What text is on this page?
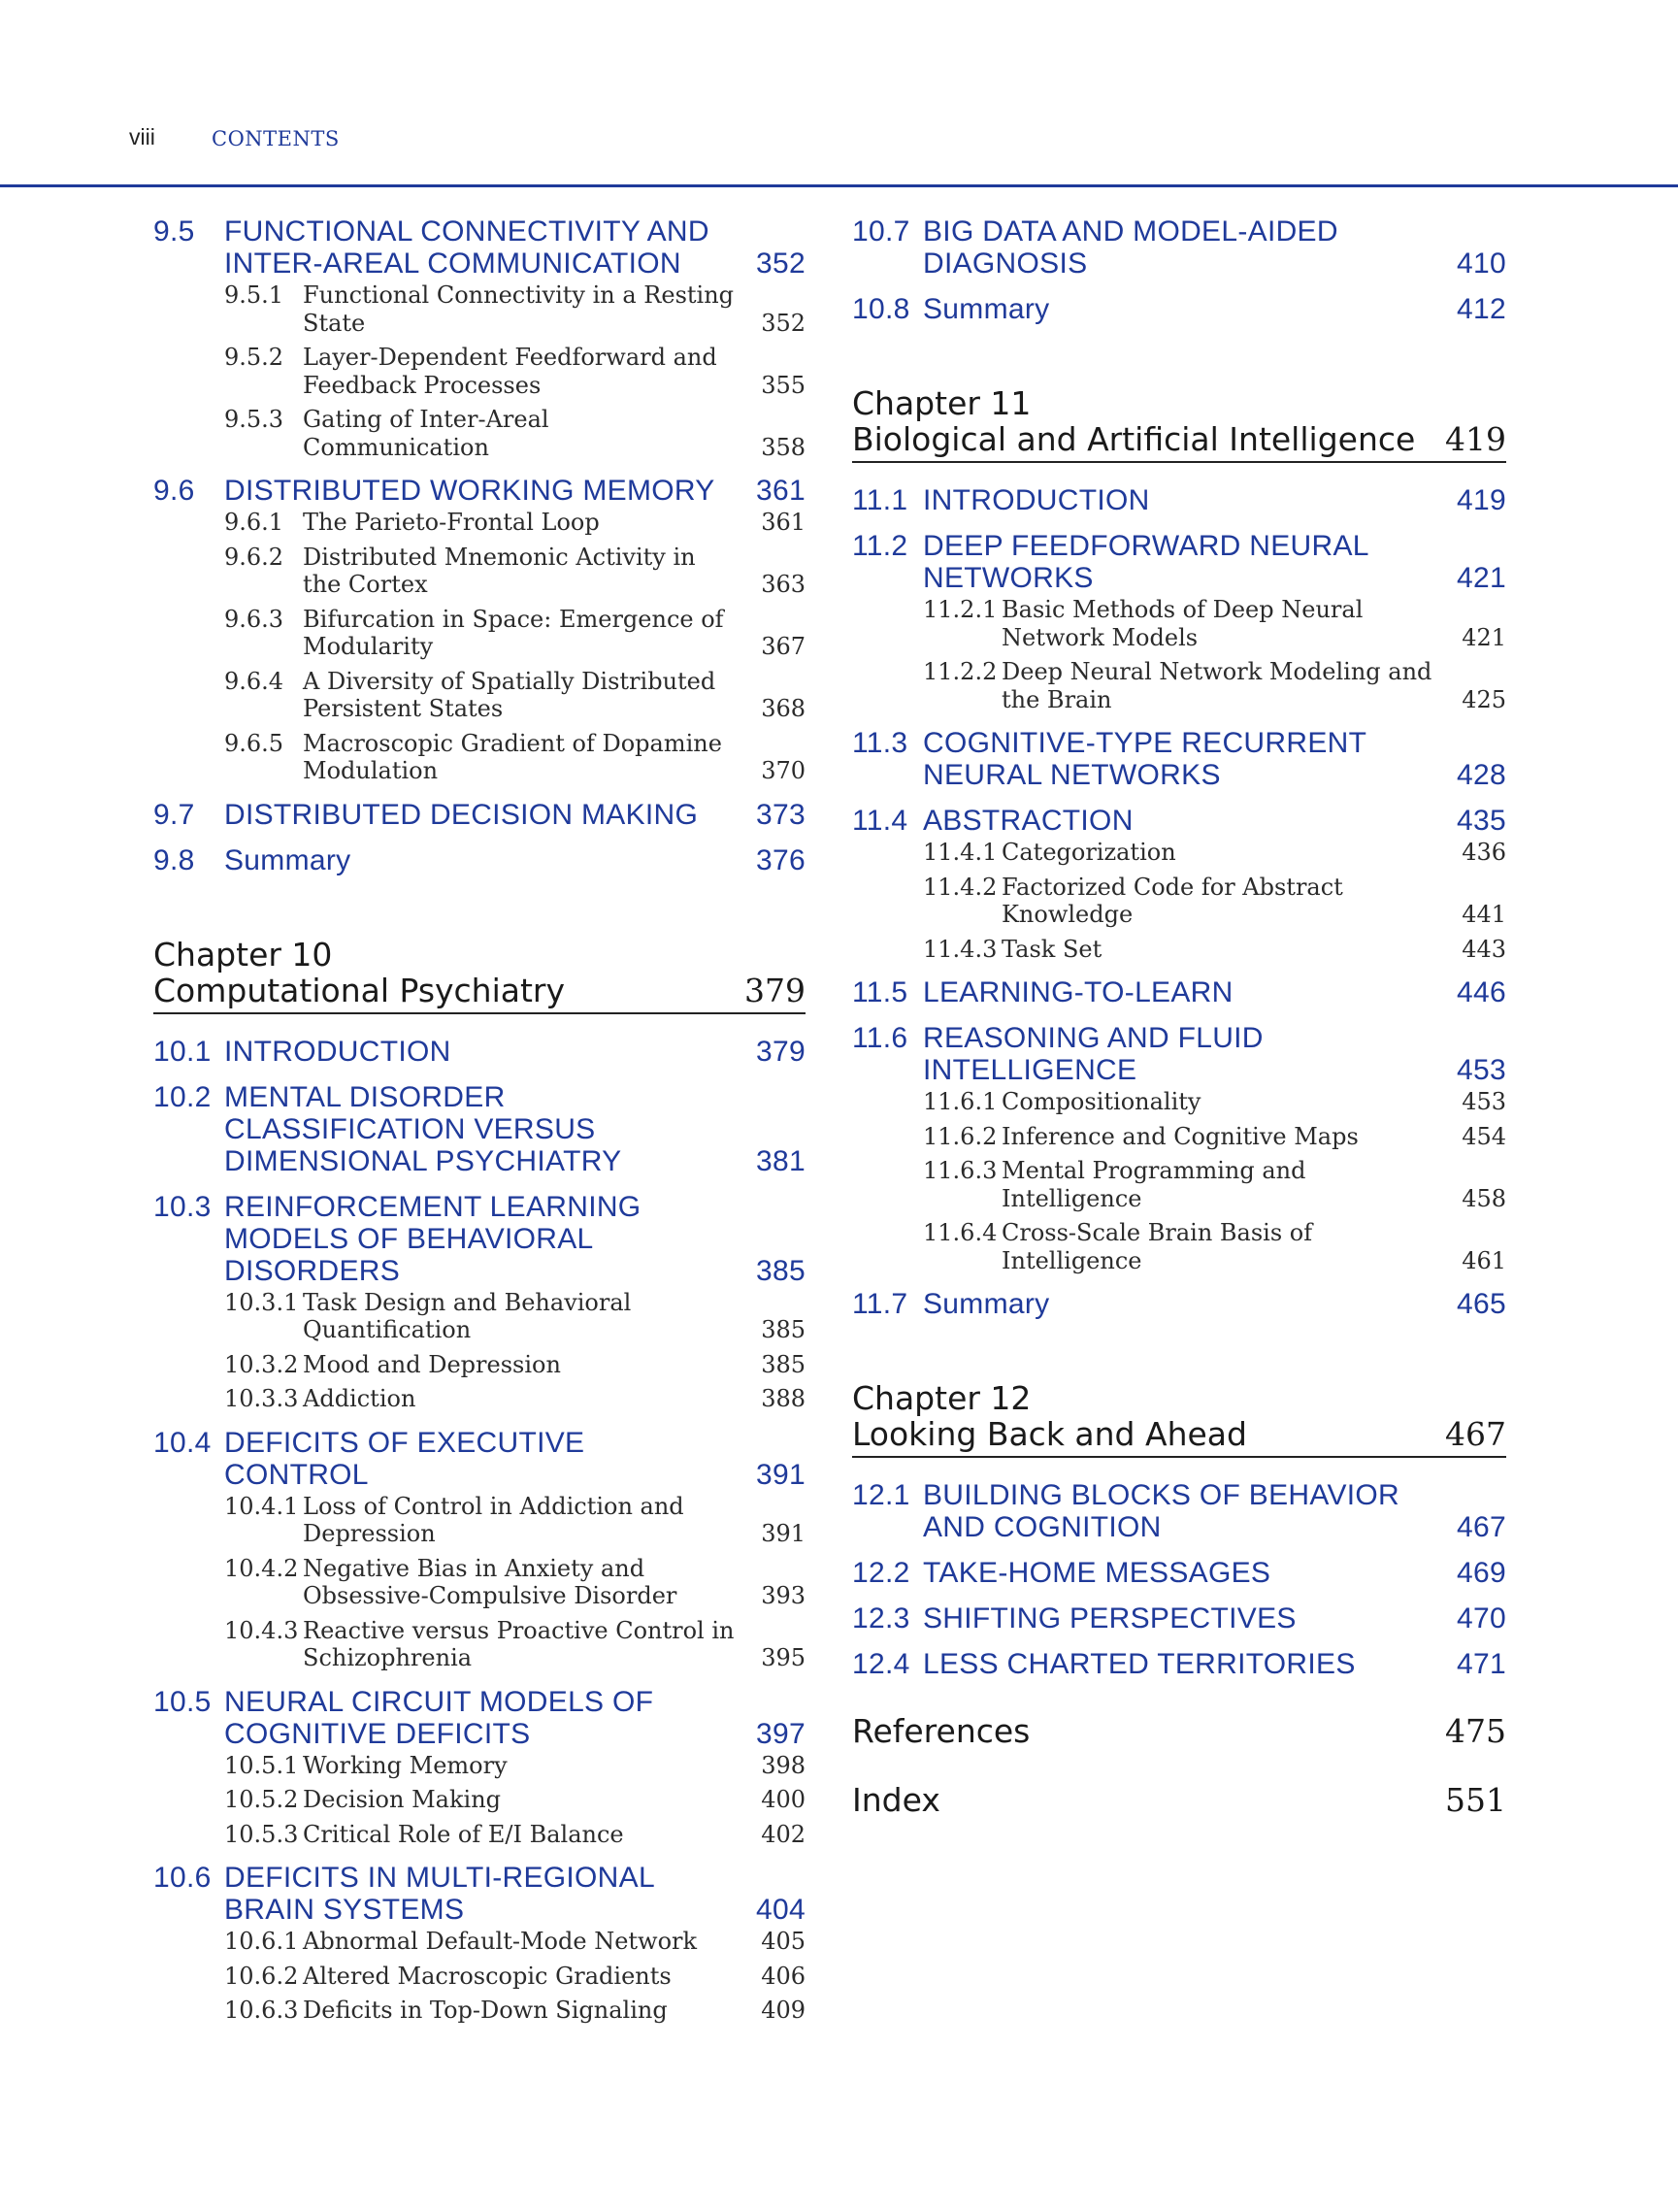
viii	CONTENTS
9.5 FUNCTIONAL CONNECTIVITY AND INTER-AREAL COMMUNICATION	352
9.5.1 Functional Connectivity in a Resting State	352
9.5.2 Layer-Dependent Feedforward and Feedback Processes	355
9.5.3 Gating of Inter-Areal Communication	358
9.6 DISTRIBUTED WORKING MEMORY	361
9.6.1 The Parieto-Frontal Loop	361
9.6.2 Distributed Mnemonic Activity in the Cortex	363
9.6.3 Bifurcation in Space: Emergence of Modularity	367
9.6.4 A Diversity of Spatially Distributed Persistent States	368
9.6.5 Macroscopic Gradient of Dopamine Modulation	370
9.7 DISTRIBUTED DECISION MAKING	373
9.8 Summary	376
Chapter 10
Computational Psychiatry	379
10.1 INTRODUCTION	379
10.2 MENTAL DISORDER CLASSIFICATION VERSUS DIMENSIONAL PSYCHIATRY	381
10.3 REINFORCEMENT LEARNING MODELS OF BEHAVIORAL DISORDERS	385
10.3.1 Task Design and Behavioral Quantification	385
10.3.2 Mood and Depression	385
10.3.3 Addiction	388
10.4 DEFICITS OF EXECUTIVE CONTROL	391
10.4.1 Loss of Control in Addiction and Depression	391
10.4.2 Negative Bias in Anxiety and Obsessive-Compulsive Disorder	393
10.4.3 Reactive versus Proactive Control in Schizophrenia	395
10.5 NEURAL CIRCUIT MODELS OF COGNITIVE DEFICITS	397
10.5.1 Working Memory	398
10.5.2 Decision Making	400
10.5.3 Critical Role of E/I Balance	402
10.6 DEFICITS IN MULTI-REGIONAL BRAIN SYSTEMS	404
10.6.1 Abnormal Default-Mode Network	405
10.6.2 Altered Macroscopic Gradients	406
10.6.3 Deficits in Top-Down Signaling	409
10.7 BIG DATA AND MODEL-AIDED DIAGNOSIS	410
10.8 Summary	412
Chapter 11
Biological and Artificial Intelligence 419
11.1 INTRODUCTION	419
11.2 DEEP FEEDFORWARD NEURAL NETWORKS	421
11.2.1 Basic Methods of Deep Neural Network Models	421
11.2.2 Deep Neural Network Modeling and the Brain	425
11.3 COGNITIVE-TYPE RECURRENT NEURAL NETWORKS	428
11.4 ABSTRACTION	435
11.4.1 Categorization	436
11.4.2 Factorized Code for Abstract Knowledge	441
11.4.3 Task Set	443
11.5 LEARNING-TO-LEARN	446
11.6 REASONING AND FLUID INTELLIGENCE	453
11.6.1 Compositionality	453
11.6.2 Inference and Cognitive Maps	454
11.6.3 Mental Programming and Intelligence	458
11.6.4 Cross-Scale Brain Basis of Intelligence	461
11.7 Summary	465
Chapter 12
Looking Back and Ahead	467
12.1 BUILDING BLOCKS OF BEHAVIOR AND COGNITION	467
12.2 TAKE-HOME MESSAGES	469
12.3 SHIFTING PERSPECTIVES	470
12.4 LESS CHARTED TERRITORIES	471
References	475
Index	551
